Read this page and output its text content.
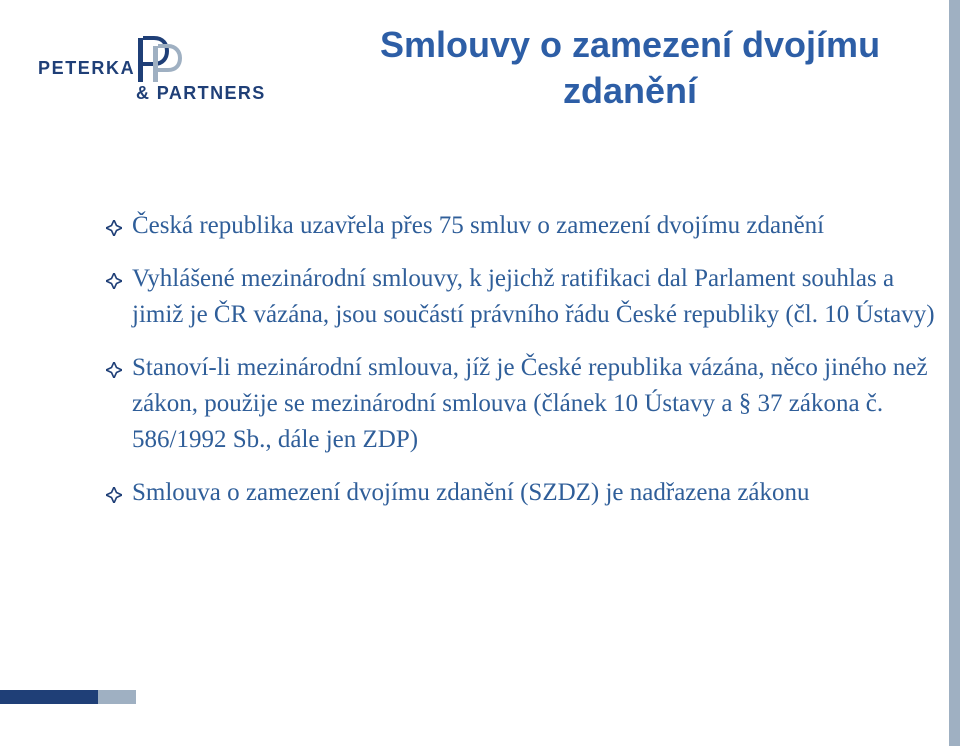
PETERKA
& PARTNERS
Smlouvy o zamezení dvojímu zdanění
Česká republika uzavřela přes 75 smluv o zamezení dvojímu zdanění
Vyhlášené mezinárodní smlouvy, k jejichž ratifikaci dal Parlament souhlas a jimiž je ČR vázána, jsou součástí právního řádu České republiky (čl. 10 Ústavy)
Stanoví-li mezinárodní smlouva, jíž je České republika vázána, něco jiného než zákon, použije se mezinárodní smlouva (článek 10 Ústavy a § 37 zákona č. 586/1992 Sb., dále jen ZDP)
Smlouva o zamezení dvojímu zdanění (SZDZ) je nadřazena zákonu
